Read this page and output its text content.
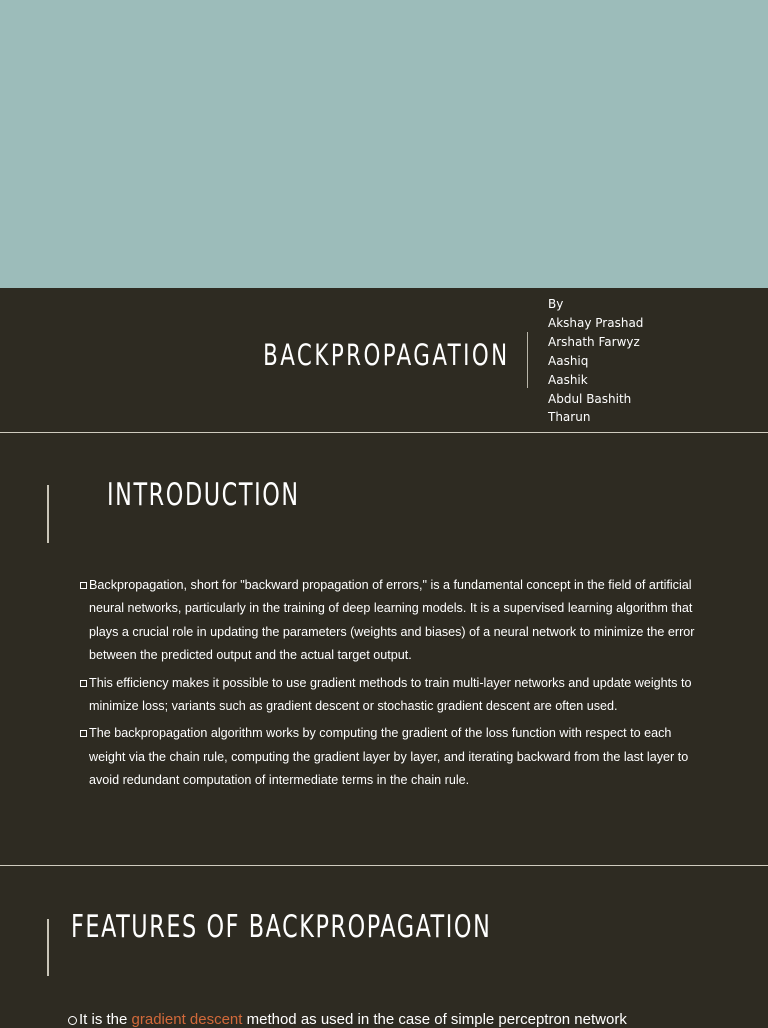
BACKPROPAGATION
By
Akshay Prashad
Arshath Farwyz
Aashiq
Aashik
Abdul Bashith
Tharun
INTRODUCTION
Backpropagation, short for "backward propagation of errors," is a fundamental concept in the field of artificial neural networks, particularly in the training of deep learning models. It is a supervised learning algorithm that plays a crucial role in updating the parameters (weights and biases) of a neural network to minimize the error between the predicted output and the actual target output.
This efficiency makes it possible to use gradient methods to train multi-layer networks and update weights to minimize loss; variants such as gradient descent or stochastic gradient descent are often used.
The backpropagation algorithm works by computing the gradient of the loss function with respect to each weight via the chain rule, computing the gradient layer by layer, and iterating backward from the last layer to avoid redundant computation of intermediate terms in the chain rule.
FEATURES OF BACKPROPAGATION
It is the gradient descent method as used in the case of simple perceptron network
